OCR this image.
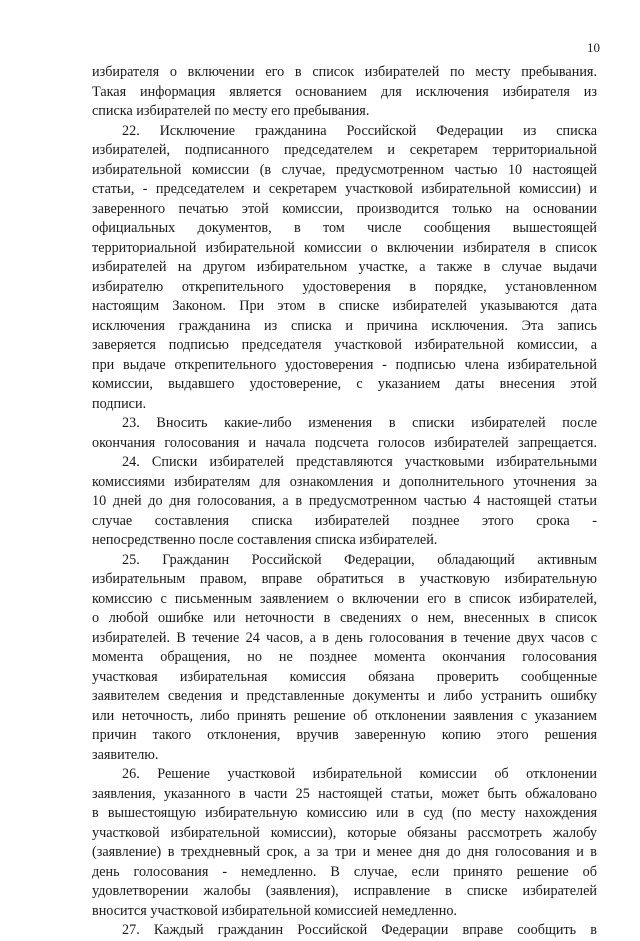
10
избирателя о включении его в список избирателей по месту пребывания.
Такая информация является основанием для исключения избирателя из
списка избирателей по месту его пребывания.
22. Исключение гражданина Российской Федерации из списка
избирателей, подписанного председателем и секретарем территориальной
избирательной комиссии (в случае, предусмотренном частью 10 настоящей
статьи, - председателем и секретарем участковой избирательной комиссии) и
заверенного печатью этой комиссии, производится только на основании
официальных документов, в том числе сообщения вышестоящей
территориальной избирательной комиссии о включении избирателя в список
избирателей на другом избирательном участке, а также в случае выдачи
избирателю открепительного удостоверения в порядке, установленном
настоящим Законом. При этом в списке избирателей указываются дата
исключения гражданина из списка и причина исключения. Эта запись
заверяется подписью председателя участковой избирательной комиссии, а
при выдаче открепительного удостоверения - подписью члена избирательной
комиссии, выдавшего удостоверение, с указанием даты внесения этой
подписи.
23. Вносить какие-либо изменения в списки избирателей после
окончания голосования и начала подсчета голосов избирателей запрещается.
24. Списки избирателей представляются участковыми избирательными
комиссиями избирателям для ознакомления и дополнительного уточнения за
10 дней до дня голосования, а в предусмотренном частью 4 настоящей статьи
случае составления списка избирателей позднее этого срока -
непосредственно после составления списка избирателей.
25. Гражданин Российской Федерации, обладающий активным
избирательным правом, вправе обратиться в участковую избирательную
комиссию с письменным заявлением о включении его в список избирателей,
о любой ошибке или неточности в сведениях о нем, внесенных в список
избирателей. В течение 24 часов, а в день голосования в течение двух часов с
момента обращения, но не позднее момента окончания голосования
участковая избирательная комиссия обязана проверить сообщенные
заявителем сведения и представленные документы и либо устранить ошибку
или неточность, либо принять решение об отклонении заявления с указанием
причин такого отклонения, вручив заверенную копию этого решения
заявителю.
26. Решение участковой избирательной комиссии об отклонении
заявления, указанного в части 25 настоящей статьи, может быть обжаловано
в вышестоящую избирательную комиссию или в суд (по месту нахождения
участковой избирательной комиссии), которые обязаны рассмотреть жалобу
(заявление) в трехдневный срок, а за три и менее дня до дня голосования и в
день голосования - немедленно. В случае, если принято решение об
удовлетворении жалобы (заявления), исправление в списке избирателей
вносится участковой избирательной комиссией немедленно.
27. Каждый гражданин Российской Федерации вправе сообщить в
